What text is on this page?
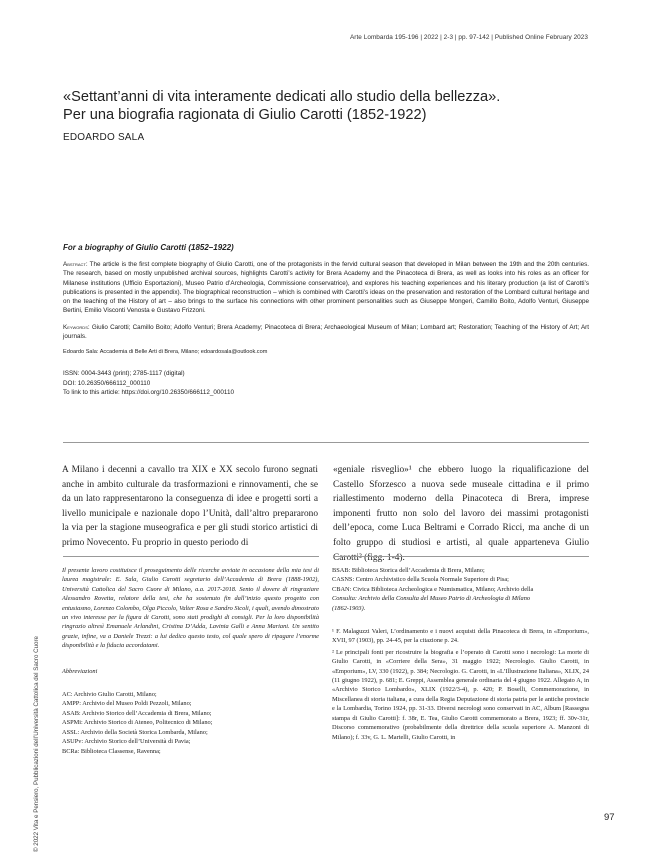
Arte Lombarda 195-196 | 2022 | 2-3 | pp. 97-142 | Published Online February 2023
«Settant’anni di vita interamente dedicati allo studio della bellezza».
Per una biografia ragionata di Giulio Carotti (1852-1922)
EDOARDO SALA
For a biography of Giulio Carotti (1852–1922)
Abstract: The article is the first complete biography of Giulio Carotti, one of the protagonists in the fervid cultural season that developed in Milan between the 19th and the 20th centuries. The research, based on mostly unpublished archival sources, highlights Carotti’s activity for Brera Academy and the Pinacoteca di Brera, as well as looks into his roles as an officer for Milanese institutions (Ufficio Esportazioni), Museo Patrio d’Archeologia, Commissione conservatrice), and explores his teaching experiences and his literary production (a list of Carotti’s publications is presented in the appendix). The biographical reconstruction – which is combined with Carotti’s ideas on the preservation and restoration of the Lombard cultural heritage and on the teaching of the History of art – also brings to the surface his connections with other prominent personalities such as Giuseppe Mongeri, Camillo Boito, Adolfo Venturi, Giuseppe Bertini, Emilio Visconti Venosta e Gustavo Frizzoni.
Keywords: Giulio Carotti; Camillo Boito; Adolfo Venturi; Brera Academy; Pinacoteca di Brera; Archaeological Museum of Milan; Lombard art; Restoration; Teaching of the History of Art; Art journals.
Edoardo Sala: Accademia di Belle Arti di Brera, Milano; edoardosala@outlook.com
ISSN: 0004-3443 (print); 2785-1117 (digital)
DOI: 10.26350/666112_000110
To link to this article: https://doi.org/10.26350/666112_000110
A Milano i decenni a cavallo tra XIX e XX secolo furono segnati anche in ambito culturale da trasformazioni e rinnovamenti, che se da un lato rappresentarono la conseguenza di idee e progetti sorti a livello municipale e nazionale dopo l’Unità, dall’altro prepararono la via per la stagione museografica e per gli studi storico artistici di primo Novecento. Fu proprio in questo periodo di
«geniale risveglio»¹ che ebbero luogo la riqualificazione del Castello Sforzesco a nuova sede museale cittadina e il primo riallestimento moderno della Pinacoteca di Brera, imprese imponenti frutto non solo del lavoro dei massimi protagonisti dell’epoca, come Luca Beltrami e Corrado Ricci, ma anche di un folto gruppo di studiosi e artisti, al quale apparteneva Giulio Carotti² (figg. 1-4).
Il presente lavoro costituisce il proseguimento delle ricerche avviate in occasione della mia tesi di laurea magistrale: E. Sala, Giulio Carotti segretario dell’Accademia di Brera (1888-1902), Università Cattolica del Sacro Cuore di Milano, a.a. 2017-2018. Sento il dovere di ringraziare Alessandro Rovetta, relatore della tesi, che ha sostenuto fin dall’inizio questo progetto con entusiasmo, Lorenzo Colombo, Olga Piccolo, Valter Rosa e Sandro Sicoli, i quali, avendo dimostrato un vivo interesse per la figura di Carotti, sono stati prodighi di consigli. Per la loro disponibilità ringrazio altresì Emanuele Arlandini, Cristina D’Adda, Lavinia Galli e Anna Mariani. Un sentito grazie, infine, va a Daniele Trezzi: a lui dedico questo testo, col quale spero di ripagare l’enorme disponibilità e la fiducia accordatami.
Abbreviazioni
AC: Archivio Giulio Carotti, Milano;
AMPP: Archivio del Museo Poldi Pezzoli, Milano;
ASAB: Archivio Storico dell’Accademia di Brera, Milano;
ASPMi: Archivio Storico di Ateneo, Politecnico di Milano;
ASSL: Archivio della Società Storica Lombarda, Milano;
ASUPv: Archivio Storico dell’Università di Pavia;
BCRa: Biblioteca Classense, Ravenna;
BSAB: Biblioteca Storica dell’Accademia di Brera, Milano;
CASNS: Centro Archivistico della Scuola Normale Superiore di Pisa;
CBAN: Civica Biblioteca Archeologica e Numismatica, Milano; Archivio della
Consulta: Archivio della Consulta del Museo Patrio di Archeologia di Milano
(1862-1903).

¹ F. Malaguzzi Valeri, L’ordinamento e i nuovi acquisti della Pinacoteca di Brera, in «Emporium», XVII, 97 (1903), pp. 24-45, per la citazione p. 24.

² Le principali fonti per ricostruire la biografia e l’operato di Carotti sono i necrologi: La morte di Giulio Carotti, in «Corriere della Sera», 31 maggio 1922; Necrologio. Giulio Carotti, in «Emporium», LV, 330 (1922), p. 384; Necrologio. G. Carotti, in «L’Illustrazione Italiana», XLIX, 24 (11 giugno 1922), p. 681; E. Greppi, Assemblea generale ordinaria del 4 giugno 1922. Allegato A, in «Archivio Storico Lombardo», XLIX (1922/3-4), p. 420; P. Boselli, Commemorazione, in Miscellanea di storia italiana, a cura della Regia Deputazione di storia patria per le antiche provincie e la Lombardia, Torino 1924, pp. 31-33. Diversi necrologi sono conservati in AC, Album [Rassegna stampa di Giulio Carotti]: f. 38r, E. Tea, Giulio Carotti commemorato a Brera, 1923; ff. 30v-31r, Discorso commemorativo (probabilmente della direttrice della scuola superiore A. Manzoni di Milano); f. 33v, G. L. Martelli, Giulio Carotti, in

© 2022 Vita e Pensiero, Pubblicazioni dell’Università Cattolica del Sacro Cuore	97
